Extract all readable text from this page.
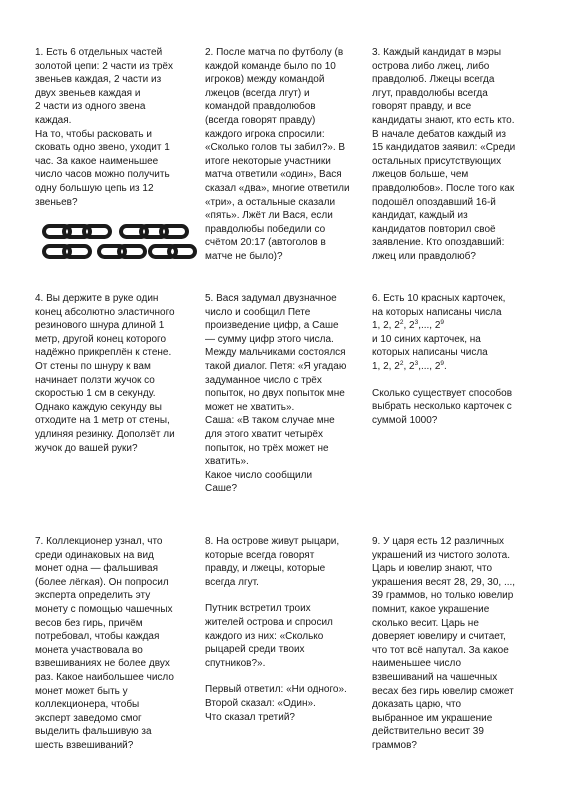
1. Есть 6 отдельных частей

золотой цепи: 2 части из трёх

звеньев каждая, 2 части из

двух звеньев каждая и

2 части из одного звена

каждая.

На то, чтобы расковать и

сковать одно звено, уходит 1

час. За какое наименьшее

число часов можно получить

одну большую цепь из 12

звеньев?

2. После матча по футболу (в

каждой команде было по 10

игроков) между командой

лжецов (всегда лгут) и

командой правдолюбов

(всегда говорят правду)

каждого игрока спросили:

«Сколько голов ты забил?». В

итоге некоторые участники

матча ответили «один», Вася

сказал «два», многие ответили

«три», а остальные сказали

«пять». Лжёт ли Вася, если

правдолюбы победили со

счётом 20:17 (автоголов в

матче не было)?

3. Каждый кандидат в мэры

острова либо лжец, либо

правдолюб. Лжецы всегда

лгут, правдолюбы всегда

говорят правду, и все

кандидаты знают, кто есть кто.

В начале дебатов каждый из

15 кандидатов заявил: «Среди

остальных присутствующих

лжецов больше, чем

правдолюбов». После того как

подошёл опоздавший 16-й

кандидат, каждый из

кандидатов повторил своё

заявление. Кто опоздавший:

лжец или правдолюб?

4. Вы держите в руке один

конец абсолютно эластичного

резинового шнура длиной 1

метр, другой конец которого

надёжно прикреплён к стене.

От стены по шнуру к вам

начинает ползти жучок со

скоростью 1 см в секунду.

Однако каждую секунду вы

отходите на 1 метр от стены,

удлиняя резинку. Доползёт ли

жучок до вашей руки?

5. Вася задумал двузначное

число и сообщил Пете

произведение цифр, а Саше

— сумму цифр этого числа.

Между мальчиками состоялся

такой диалог. Петя: «Я угадаю

задуманное число с трёх

попыток, но двух попыток мне

может не хватить».

Саша: «В таком случае мне

для этого хватит четырёх

попыток, но трёх может не

хватить».

Какое число сообщили

Саше?

6. Есть 10 красных карточек,

на которых написаны числа

1, 2, $2^2$, $2^3$,..., $2^9$

и 10 синих карточек, на

которых написаны числа

1, 2, $2^2$, $2^3$,..., $2^9$.

Сколько существует способов

выбрать несколько карточек с

суммой 1000?

7. Коллекционер узнал, что

среди одинаковых на вид

монет одна — фальшивая

(более лёгкая). Он попросил

эксперта определить эту

монету с помощью чашечных

весов без гирь, причём

потребовал, чтобы каждая

монета участвовала во

взвешиваниях не более двух

раз. Какое наибольшее число

монет может быть у

коллекционера, чтобы

эксперт заведомо смог

выделить фальшивую за

шесть взвешиваний?

8. На острове живут рыцари,

которые всегда говорят

правду, и лжецы, которые

всегда лгут.

Путник встретил троих

жителей острова и спросил

каждого из них: «Сколько

рыцарей среди твоих

спутников?».

Первый ответил: «Ни одного».

Второй сказал: «Один».

Что сказал третий?

9. У царя есть 12 различных

украшений из чистого золота.

Царь и ювелир знают, что

украшения весят 28, 29, 30, ...,

39 граммов, но только ювелир

помнит, какое украшение

сколько весит. Царь не

доверяет ювелиру и считает,

что тот всё напутал. За какое

наименьшее число

взвешиваний на чашечных

весах без гирь ювелир сможет

доказать царю, что

выбранное им украшение

действительно весит 39

граммов?
